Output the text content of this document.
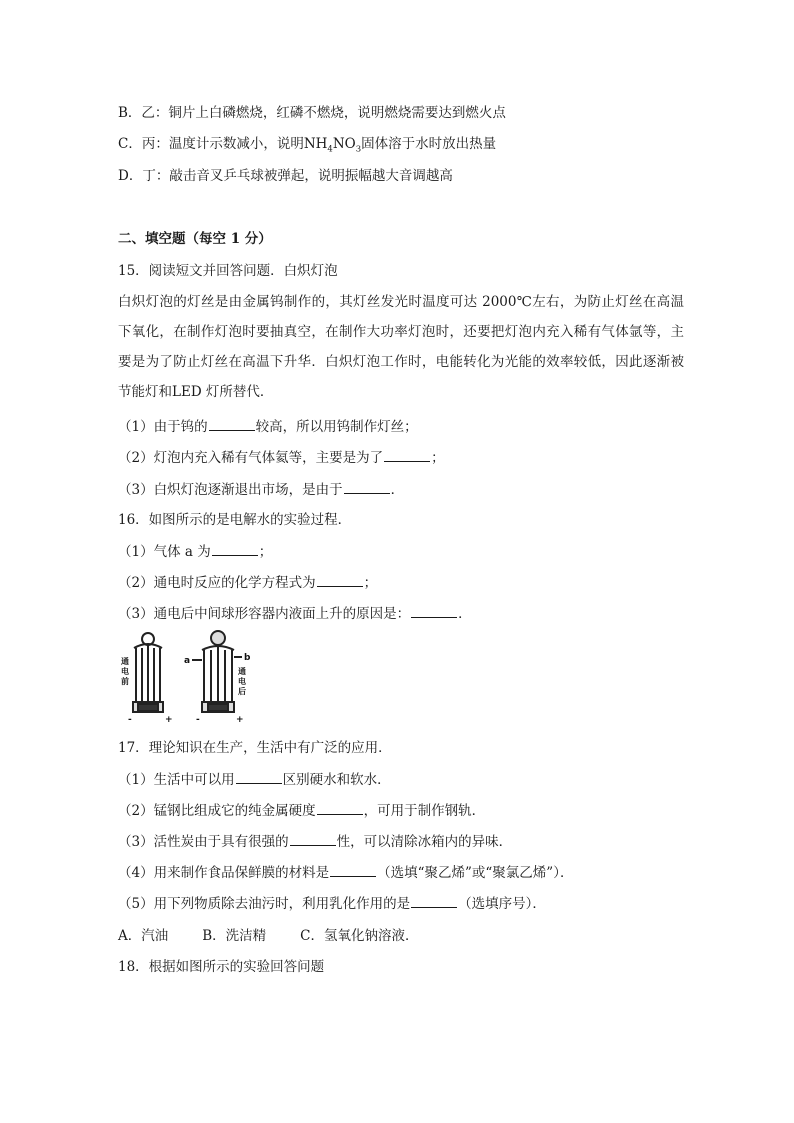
B．乙：铜片上白磷燃烧，红磷不燃烧，说明燃烧需要达到燃火点
C．丙：温度计示数减小，说明$NH_4NO_3$固体溶于水时放出热量
D．丁：敲击音叉乒乓球被弹起，说明振幅越大音调越高
二、填空题（每空 1 分）
15．阅读短文并回答问题．白炽灯泡
白炽灯泡的灯丝是由金属钨制作的，其灯丝发光时温度可达 2000℃左右，为防止灯丝在高温下氧化，在制作灯泡时要抽真空，在制作大功率灯泡时，还要把灯泡内充入稀有气体氩等，主要是为了防止灯丝在高温下升华．白炽灯泡工作时，电能转化为光能的效率较低，因此逐渐被节能灯和LED 灯所替代．
（1）由于钨的	较高，所以用钨制作灯丝；
（2）灯泡内充入稀有气体氦等，主要是为了	；
（3）白炽灯泡逐渐退出市场，是由于	．
16．如图所示的是电解水的实验过程．
（1）气体 a 为	；
（2）通电时反应的化学方程式为	；
（3）通电后中间球形容器内液面上升的原因是：	．
通电前
-	+
a	b
通电后
-	+
17．理论知识在生产，生活中有广泛的应用．
（1）生活中可以用	区别硬水和软水．
（2）锰钢比组成它的纯金属硬度	，可用于制作钢轨．
（3）活性炭由于具有很强的	性，可以清除冰箱内的异味．
（4）用来制作食品保鲜膜的材料是	（选填“聚乙烯”或“聚氯乙烯”）．
（5）用下列物质除去油污时，利用乳化作用的是	（选填序号）．
A．汽油	B．洗洁精	C．氢氧化钠溶液．
18．根据如图所示的实验回答问题
